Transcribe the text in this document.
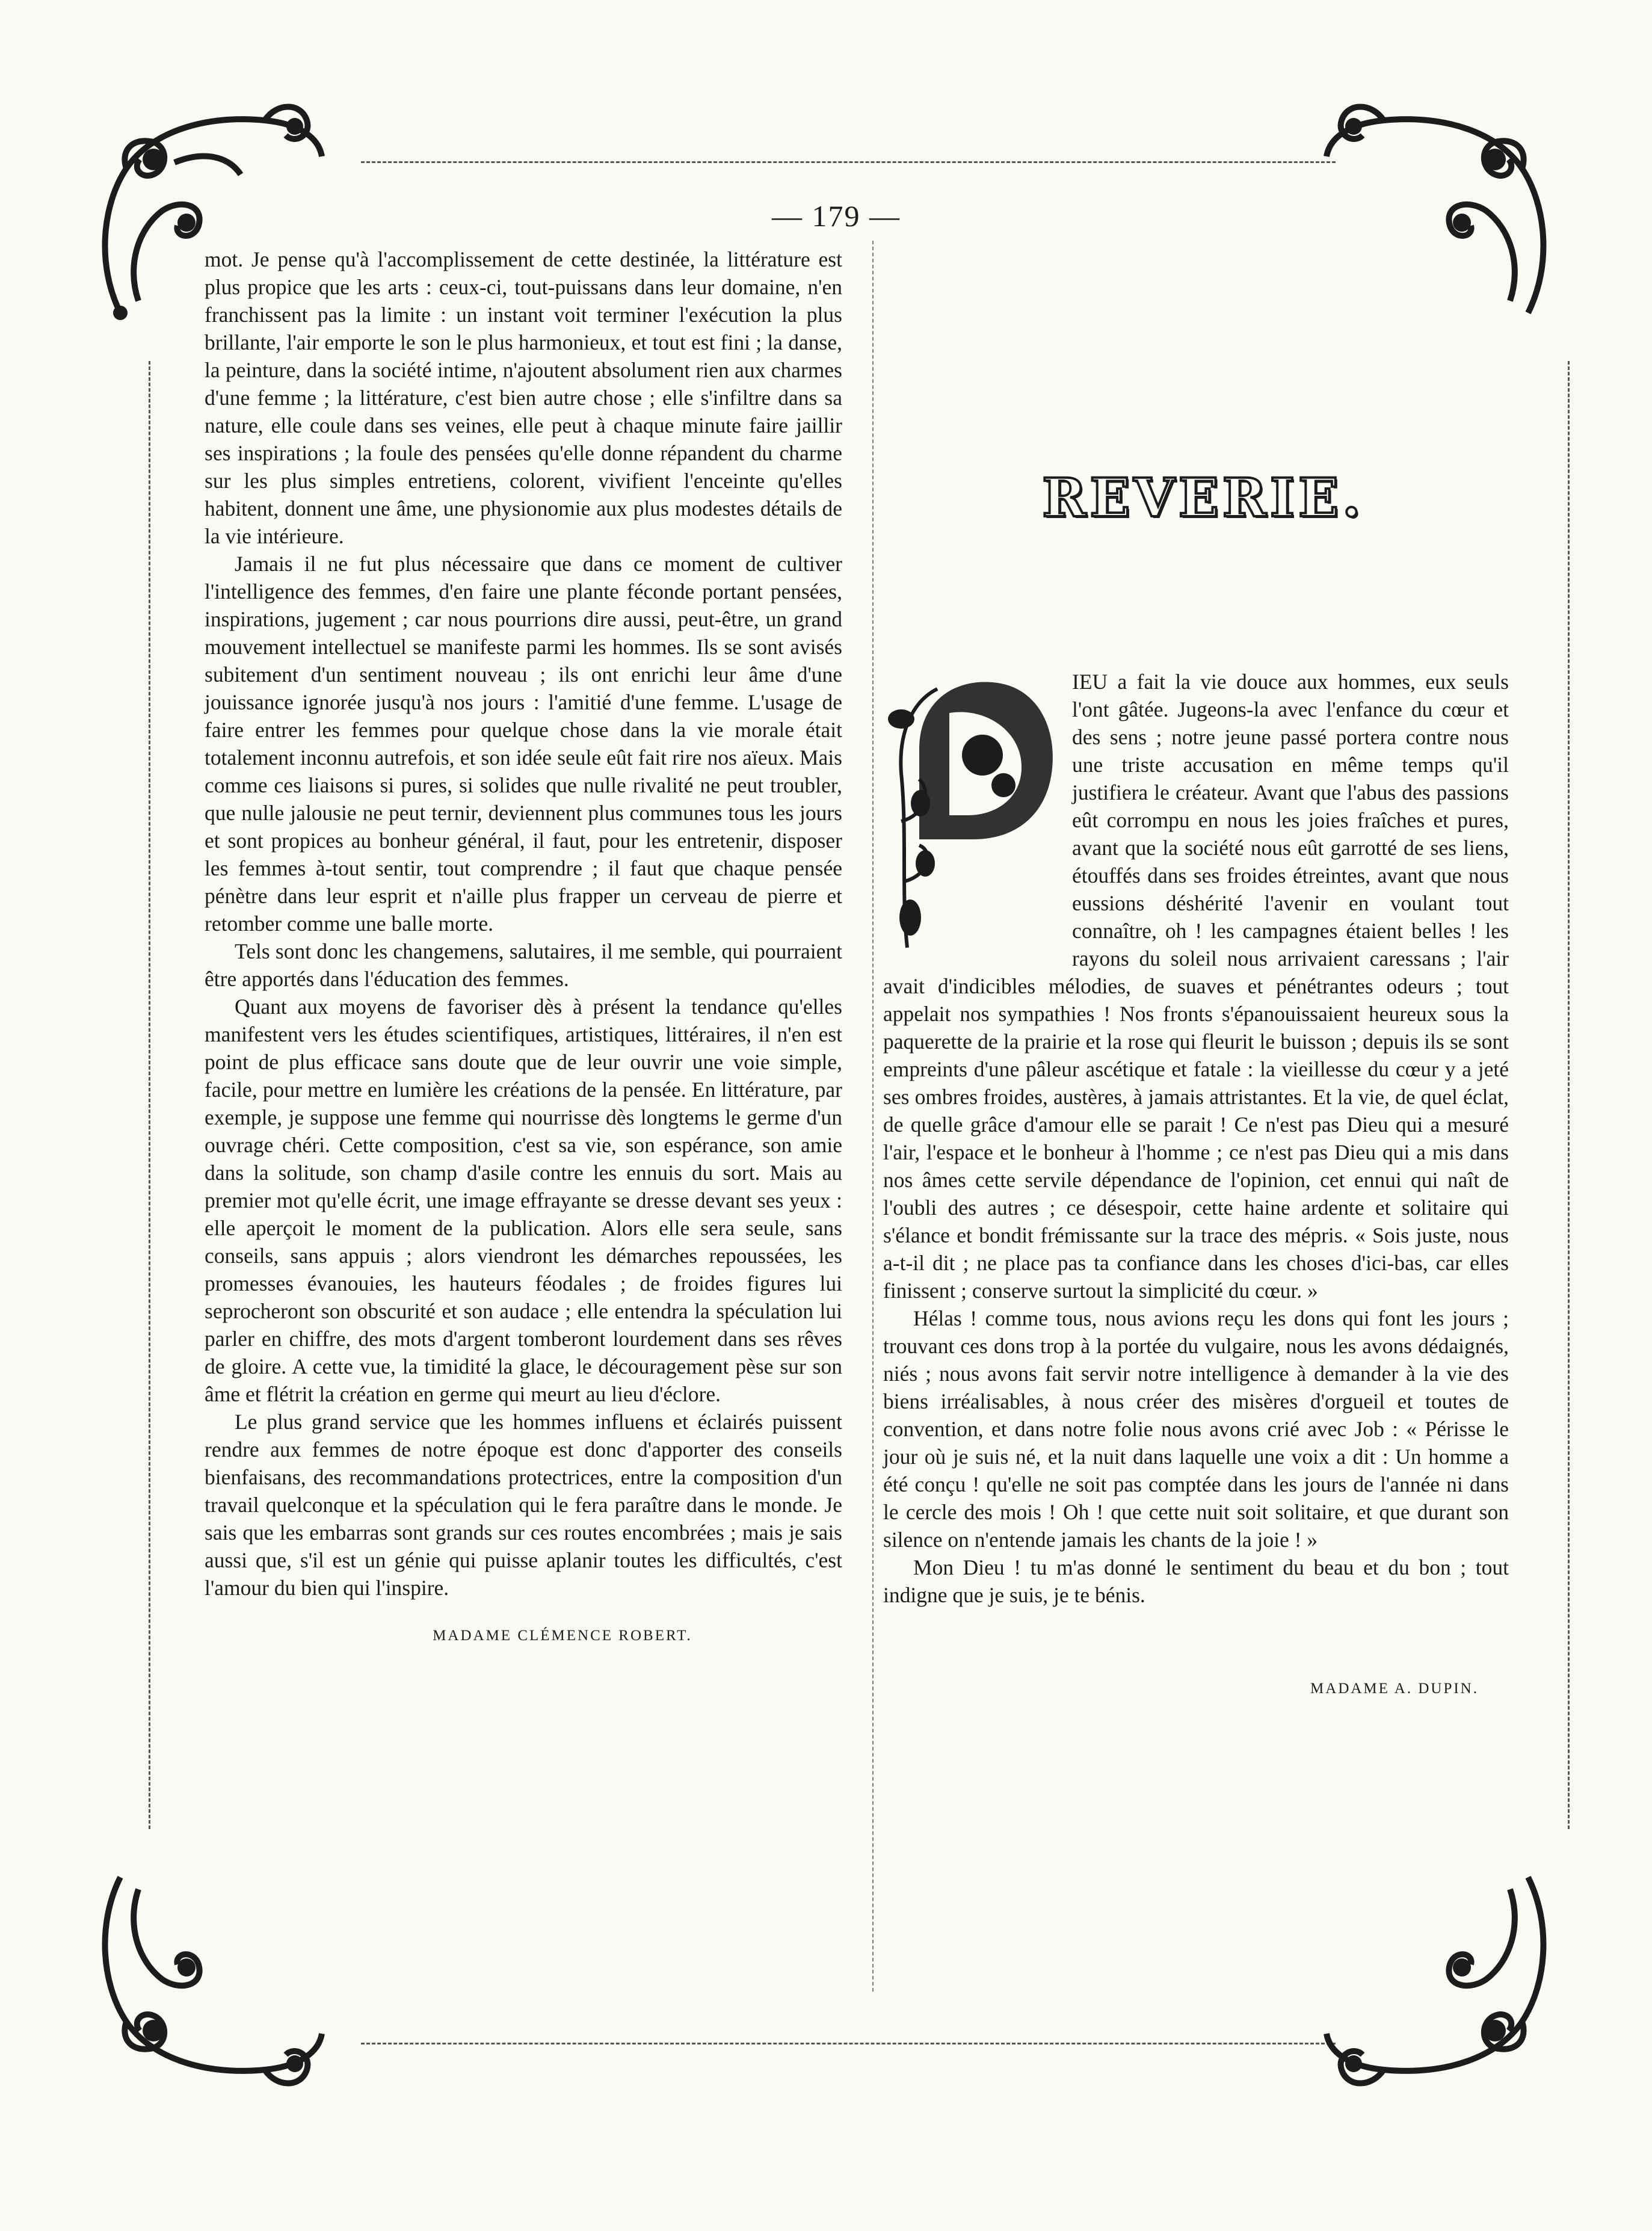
— 179 —

mot. Je pense qu'à l'accomplissement de cette destinée, la littérature est plus propice que les arts : ceux-ci, tout-puissans dans leur domaine, n'en franchissent pas la limite : un instant voit terminer l'exécution la plus brillante, l'air emporte le son le plus harmonieux, et tout est fini ; la danse, la peinture, dans la société intime, n'ajoutent absolument rien aux charmes d'une femme ; la littérature, c'est bien autre chose ; elle s'infiltre dans sa nature, elle coule dans ses veines, elle peut à chaque minute faire jaillir ses inspirations ; la foule des pensées qu'elle donne répandent du charme sur les plus simples entretiens, colorent, vivifient l'enceinte qu'elles habitent, donnent une âme, une physionomie aux plus modestes détails de la vie intérieure.

Jamais il ne fut plus nécessaire que dans ce moment de cultiver l'intelligence des femmes, d'en faire une plante féconde portant pensées, inspirations, jugement ; car nous pourrions dire aussi, peut-être, un grand mouvement intellectuel se manifeste parmi les hommes. Ils se sont avisés subitement d'un sentiment nouveau ; ils ont enrichi leur âme d'une jouissance ignorée jusqu'à nos jours : l'amitié d'une femme. L'usage de faire entrer les femmes pour quelque chose dans la vie morale était totalement inconnu autrefois, et son idée seule eût fait rire nos aïeux. Mais comme ces liaisons si pures, si solides que nulle rivalité ne peut troubler, que nulle jalousie ne peut ternir, deviennent plus communes tous les jours et sont propices au bonheur général, il faut, pour les entretenir, disposer les femmes à-tout sentir, tout comprendre ; il faut que chaque pensée pénètre dans leur esprit et n'aille plus frapper un cerveau de pierre et retomber comme une balle morte.

Tels sont donc les changemens, salutaires, il me semble, qui pourraient être apportés dans l'éducation des femmes.

Quant aux moyens de favoriser dès à présent la tendance qu'elles manifestent vers les études scientifiques, artistiques, littéraires, il n'en est point de plus efficace sans doute que de leur ouvrir une voie simple, facile, pour mettre en lumière les créations de la pensée. En littérature, par exemple, je suppose une femme qui nourrisse dès longtems le germe d'un ouvrage chéri. Cette composition, c'est sa vie, son espérance, son amie dans la solitude, son champ d'asile contre les ennuis du sort. Mais au premier mot qu'elle écrit, une image effrayante se dresse devant ses yeux : elle aperçoit le moment de la publication. Alors elle sera seule, sans conseils, sans appuis ; alors viendront les démarches repoussées, les promesses évanouies, les hauteurs féodales ; de froides figures lui seprocheront son obscurité et son audace ; elle entendra la spéculation lui parler en chiffre, des mots d'argent tomberont lourdement dans ses rêves de gloire. A cette vue, la timidité la glace, le découragement pèse sur son âme et flétrit la création en germe qui meurt au lieu d'éclore.

Le plus grand service que les hommes influens et éclairés puissent rendre aux femmes de notre époque est donc d'apporter des conseils bienfaisans, des recommandations protectrices, entre la composition d'un travail quelconque et la spéculation qui le fera paraître dans le monde. Je sais que les embarras sont grands sur ces routes encombrées ; mais je sais aussi que, s'il est un génie qui puisse aplanir toutes les difficultés, c'est l'amour du bien qui l'inspire.

MADAME CLÉMENCE ROBERT.

REVERIE.
D

IEU a fait la vie douce aux hommes, eux seuls l'ont gâtée. Jugeons-la avec l'enfance du cœur et des sens ; notre jeune passé portera contre nous une triste accusation en même temps qu'il justifiera le créateur. Avant que l'abus des passions eût corrompu en nous les joies fraîches et pures, avant que la société nous eût garrotté de ses liens, étouffés dans ses froides étreintes, avant que nous eussions déshérité l'avenir en voulant tout connaître, oh ! les campagnes étaient belles ! les rayons du soleil nous arrivaient caressans ; l'air avait d'indicibles mélodies, de suaves et pénétrantes odeurs ; tout appelait nos sympathies ! Nos fronts s'épanouissaient heureux sous la paquerette de la prairie et la rose qui fleurit le buisson ; depuis ils se sont empreints d'une pâleur ascétique et fatale : la vieillesse du cœur y a jeté ses ombres froides, austères, à jamais attristantes. Et la vie, de quel éclat, de quelle grâce d'amour elle se parait ! Ce n'est pas Dieu qui a mesuré l'air, l'espace et le bonheur à l'homme ; ce n'est pas Dieu qui a mis dans nos âmes cette servile dépendance de l'opinion, cet ennui qui naît de l'oubli des autres ; ce désespoir, cette haine ardente et solitaire qui s'élance et bondit frémissante sur la trace des mépris. « Sois juste, nous a-t-il dit ; ne place pas ta confiance dans les choses d'ici-bas, car elles finissent ; conserve surtout la simplicité du cœur. »

Hélas ! comme tous, nous avions reçu les dons qui font les jours ; trouvant ces dons trop à la portée du vulgaire, nous les avons dédaignés, niés ; nous avons fait servir notre intelligence à demander à la vie des biens irréalisables, à nous créer des misères d'orgueil et toutes de convention, et dans notre folie nous avons crié avec Job : « Périsse le jour où je suis né, et la nuit dans laquelle une voix a dit : Un homme a été conçu ! qu'elle ne soit pas comptée dans les jours de l'année ni dans le cercle des mois ! Oh ! que cette nuit soit solitaire, et que durant son silence on n'entende jamais les chants de la joie ! »

Mon Dieu ! tu m'as donné le sentiment du beau et du bon ; tout indigne que je suis, je te bénis.

MADAME A. DUPIN.
